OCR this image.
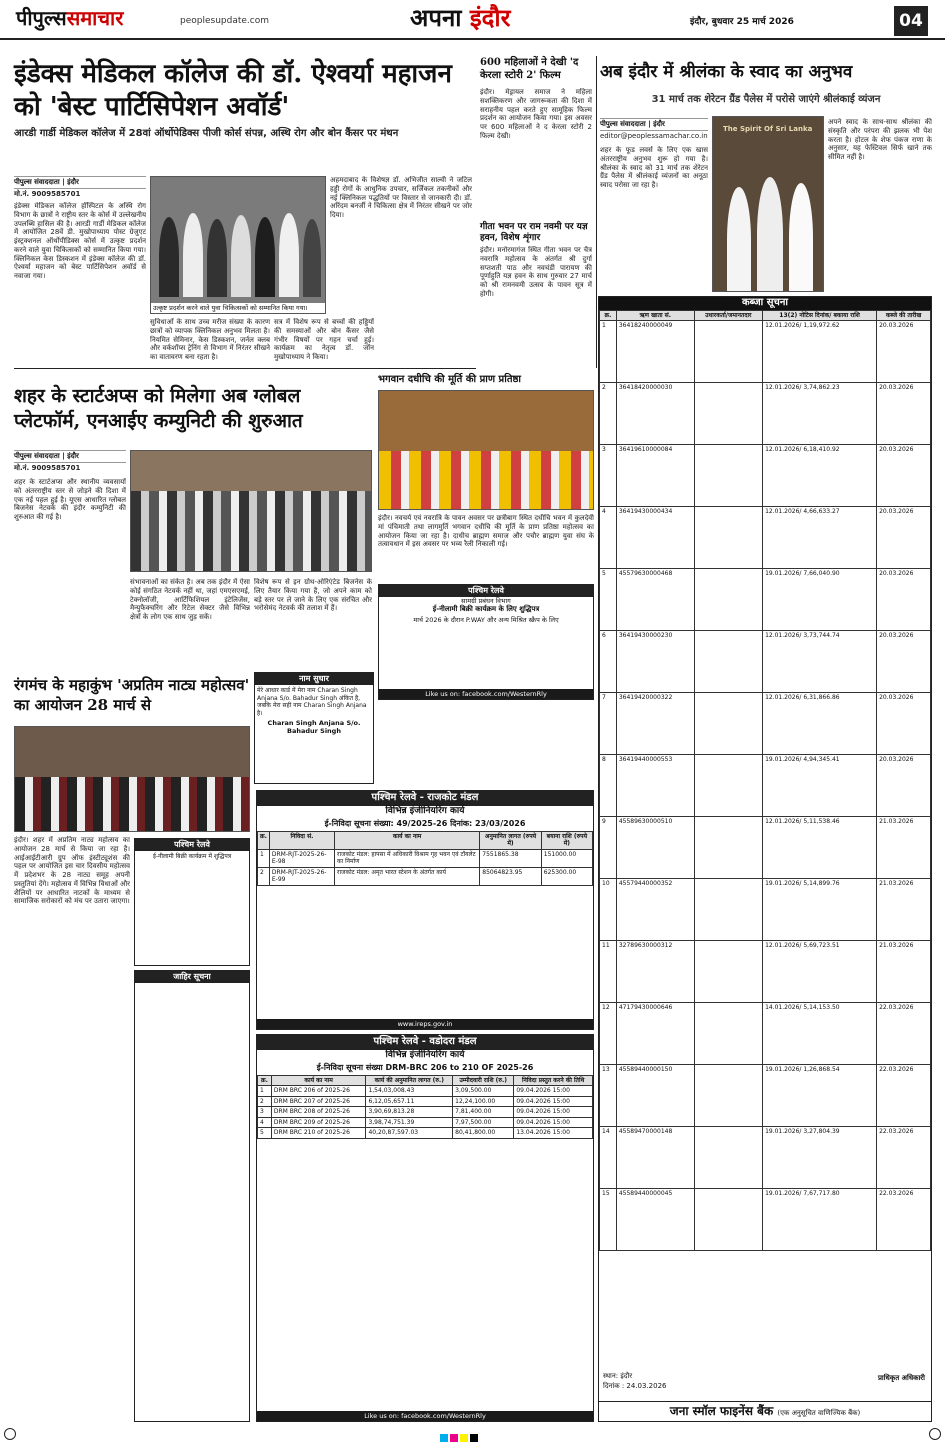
पीपुल्ससमाचार	peoplesupdate.com	अपना इंदौर	इंदौर, बुधवार 25 मार्च 2026	04
इंडेक्स मेडिकल कॉलेज की डॉ. ऐश्वर्या महाजन को 'बेस्ट पार्टिसिपेशन अवॉर्ड'
आरडी गार्डी मेडिकल कॉलेज में 28वां ऑर्थोपेडिक्स पीजी कोर्स संपन्न, अस्थि रोग और बोन कैंसर पर मंथन
पीपुल्स संवाददाता | इंदौर
मो.नं. 9009585701
इंडेक्स मेडिकल कॉलेज हॉस्पिटल के अस्थि रोग विभाग के छात्रों ने राष्ट्रीय स्तर के कोर्स में उल्लेखनीय उपलब्धि हासिल की है। आरडी गार्डी मेडिकल कॉलेज में आयोजित 28वें डी. मुखोपाध्याय पोस्ट ग्रेजुएट इंस्ट्रक्शनल ऑर्थोपीडिक्स कोर्स में उत्कृष्ट प्रदर्शन करने वाले युवा चिकित्सकों को सम्मानित किया गया। क्लिनिकल केस डिस्कशन में इंडेक्स कॉलेज की डॉ. ऐश्वर्या महाजन को बेस्ट पार्टिसिपेशन अवॉर्ड से नवाजा गया।
उत्कृष्ट प्रदर्शन करने वाले युवा चिकित्सकों को सम्मानित किया गया।
सुविधाओं के साथ उच्च मरीज संख्या के कारण छात्रों को व्यापक क्लिनिकल अनुभव मिलता है। नियमित सेमिनार, केस डिस्कशन, जर्नल क्लब और वर्कशॉप्स ट्रेनिंग से विभाग में निरंतर सीखने का वातावरण बना रहता है।
सत्र में विशेष रूप से बच्चों की हड्डियों की समस्याओं और बोन कैंसर जैसे गंभीर विषयों पर गहन चर्चा हुई। कार्यक्रम का नेतृत्व डॉ. जॉन मुखोपाध्याय ने किया।
अहमदाबाद के विशेषज्ञ डॉ. अभिजीत साल्वी ने जटिल हड्डी रोगों के आधुनिक उपचार, सर्जिकल तकनीकों और नई क्लिनिकल पद्धतियों पर विस्तार से जानकारी दी। डॉ. अरिंदम बनर्जी ने चिकित्सा क्षेत्र में निरंतर सीखने पर जोर दिया।
600 महिलाओं ने देखी 'द केरला स्टोरी 2' फिल्म
इंदौर। मेड्रायल समाज ने महिला सशक्तिकरण और जागरूकता की दिशा में सराहनीय पहल करते हुए सामूहिक फिल्म प्रदर्शन का आयोजन किया गया। इस अवसर पर 600 महिलाओं ने द केरला स्टोरी 2 फिल्म देखी।
गीता भवन पर राम नवमी पर यज्ञ हवन, विशेष शृंगार
इंदौर। मनोरमागंज स्थित गीता भवन पर चैत्र नवरात्रि महोत्सव के अंतर्गत श्री दुर्गा सप्तशती पाठ और नवचंडी पारायण की पूर्णाहुति यज्ञ हवन के साथ गुरुवार 27 मार्च को श्री रामनवमी उत्सव के पावन सूत्र में होगी।
अब इंदौर में श्रीलंका के स्वाद का अनुभव
31 मार्च तक शेरेटन ग्रैंड पैलेस में परोसे जाएंगे श्रीलंकाई व्यंजन
पीपुल्स संवाददाता | इंदौर
editor@peoplessamachar.co.in
शहर के फूड लवर्स के लिए एक खास अंतरराष्ट्रीय अनुभव शुरू हो गया है। श्रीलंका के स्वाद को 31 मार्च तक शेरेटन ग्रैंड पैलेस में श्रीलंकाई व्यंजनों का अनूठा स्वाद परोसा जा रहा है।
The Spirit Of Sri Lanka
अपने स्वाद के साथ-साथ श्रीलंका की संस्कृति और परंपरा की झलक भी पेश करता है। होटल के शेफ पंकज राणा के अनुसार, यह फेस्टिवल सिर्फ खाने तक सीमित नहीं है।
कब्जा सूचना
क्र.	ऋण खाता सं.	उधारकर्ता/जमानतदार	13(2) नोटिस दिनांक/ बकाया राशि	कब्जे की तारीख
1	36418240000049		12.01.2026/ 1,19,972.62	20.03.2026
2	36418420000030		12.01.2026/ 3,74,862.23	20.03.2026
3	36419610000084		12.01.2026/ 6,18,410.92	20.03.2026
4	36419430000434		12.01.2026/ 4,66,633.27	20.03.2026
5	45579630000468		19.01.2026/ 7,66,040.90	20.03.2026
6	36419430000230		12.01.2026/ 3,73,744.74	20.03.2026
7	36419420000322		12.01.2026/ 6,31,866.86	20.03.2026
8	36419440000553		19.01.2026/ 4,94,345.41	20.03.2026
9	45589630000510		12.01.2026/ 5,11,538.46	21.03.2026
10	45579440000352		19.01.2026/ 5,14,899.76	21.03.2026
11	32789630000312		12.01.2026/ 5,69,723.51	21.03.2026
12	47179430000646		14.01.2026/ 5,14,153.50	22.03.2026
13	45589440000150		19.01.2026/ 1,26,868.54	22.03.2026
14	45589470000148		19.01.2026/ 3,27,804.39	22.03.2026
15	45589440000045		19.01.2026/ 7,67,717.80	22.03.2026
स्थान: इंदौर
दिनांक : 24.03.2026
प्राधिकृत अधिकारी
जना स्मॉल फाइनेंस बैंक (एक अनुसूचित वाणिज्यिक बैंक)
शहर के स्टार्टअप्स को मिलेगा अब ग्लोबल प्लेटफॉर्म, एनआईए कम्युनिटी की शुरुआत
पीपुल्स संवाददाता | इंदौर
मो.नं. 9009585701
शहर के स्टार्टअप्स और स्थानीय व्यवसायों को अंतरराष्ट्रीय स्तर से जोड़ने की दिशा में एक नई पहल हुई है। यूएस आधारित ग्लोबल बिजनेस नेटवर्क की इंदौर कम्युनिटी की शुरुआत की गई है।
संभावनाओं का संकेत है। अब तक इंदौर में ऐसा कोई संगठित नेटवर्क नहीं था, जहां एमएसएमई, टेक्नोलॉजी, आर्टिफिशियल इंटेलिजेंस, मैन्युफैक्चरिंग और रिटेल सेक्टर जैसे विभिन्न क्षेत्रों के लोग एक साथ जुड़ सकें।
विशेष रूप से इन ग्रोथ-ओरिएंटेड बिजनेस के लिए तैयार किया गया है, जो अपने काम को बड़े स्तर पर ले जाने के लिए एक संरचित और भरोसेमंद नेटवर्क की तलाश में हैं।
भगवान दधीचि की मूर्ति की प्राण प्रतिष्ठा
इंदौर। नवचर्य एवं नवरात्रि के पावन अवसर पर छत्रीबाग स्थित दधीचि भवन में कुलदेवी मां पंचिमाती तथा लागमुर्ति भगवान दधीचि की मूर्ति के प्राण प्रतिष्ठा महोत्सव का आयोजन किया जा रहा है। दाधीच ब्राह्मण समाज और पचौर ब्राह्मण युवा संघ के तत्वावधान में इस अवसर पर भव्य रैली निकाली गई।
पश्चिम रेलवे
सामग्री प्रबंधन विभाग
ई-नीलामी बिक्री कार्यक्रम के लिए शुद्धिपत्र
मार्च 2026 के दौरान P.WAY और अन्य मिश्रित स्क्रैप के लिए
Like us on: facebook.com/WesternRly
नाम सुधार
मेरे आधार कार्ड में मेरा नाम Charan Singh Anjana S/o. Bahadur Singh अंकित है, जबकि मेरा सही नाम Charan Singh Anjana है।
Charan Singh Anjana S/o. Bahadur Singh
रंगमंच के महाकुंभ 'अप्रतिम नाट्य महोत्सव' का आयोजन 28 मार्च से
इंदौर। शहर में अप्रतिम नाट्य महोत्सव का आयोजन 28 मार्च से किया जा रहा है। आईआईटीआरी ग्रुप ऑफ इंस्टीट्यूशंस की पहल पर आयोजित इस चार दिवसीय महोत्सव में प्रदेशभर के 28 नाट्य समूह अपनी प्रस्तुतियां देंगे। महोत्सव में विभिन्न विधाओं और शैलियों पर आधारित नाटकों के माध्यम से सामाजिक सरोकारों को मंच पर उतारा जाएगा।
पश्चिम रेलवे
ई-नीलामी बिक्री कार्यक्रम में शुद्धिपत्र
जाहिर सूचना
पश्चिम रेलवे - राजकोट मंडल
विभिन्न इंजीनियरिंग कार्य
ई-निविदा सूचना संख्या: 49/2025-26 दिनांक: 23/03/2026
क्र.	निविदा सं.	कार्य का नाम	अनुमानित लागत (रुपये में)	बयाना राशि (रुपये में)
1	DRM-RJT-2025-26-E-98	राजकोट मंडल: हापसा में अधिकारी विश्राम गृह भवन एवं टॉयलेट का निर्माण	7551865.38	151000.00
2	DRM-RJT-2025-26-E-99	राजकोट मंडल: अमृत भारत स्टेशन के अंतर्गत कार्य	85064823.95	625300.00
www.ireps.gov.in
पश्चिम रेलवे - वडोदरा मंडल
विभिन्न इंजीनियरिंग कार्य
ई-निविदा सूचना संख्या DRM-BRC 206 to 210 OF 2025-26
क्र.	कार्य का नाम	कार्य की अनुमानित लागत (रु.)	उम्मीदवारी राशि (रु.)	निविदा प्रस्तुत करने की तिथि
1	DRM BRC 206 of 2025-26	1,54,03,008.43	3,09,500.00	09.04.2026 15:00
2	DRM BRC 207 of 2025-26	6,12,05,657.11	12,24,100.00	09.04.2026 15:00
3	DRM BRC 208 of 2025-26	3,90,69,813.28	7,81,400.00	09.04.2026 15:00
4	DRM BRC 209 of 2025-26	3,98,74,751.39	7,97,500.00	09.04.2026 15:00
5	DRM BRC 210 of 2025-26	40,20,87,597.03	80,41,800.00	13.04.2026 15:00
Like us on: facebook.com/WesternRly
